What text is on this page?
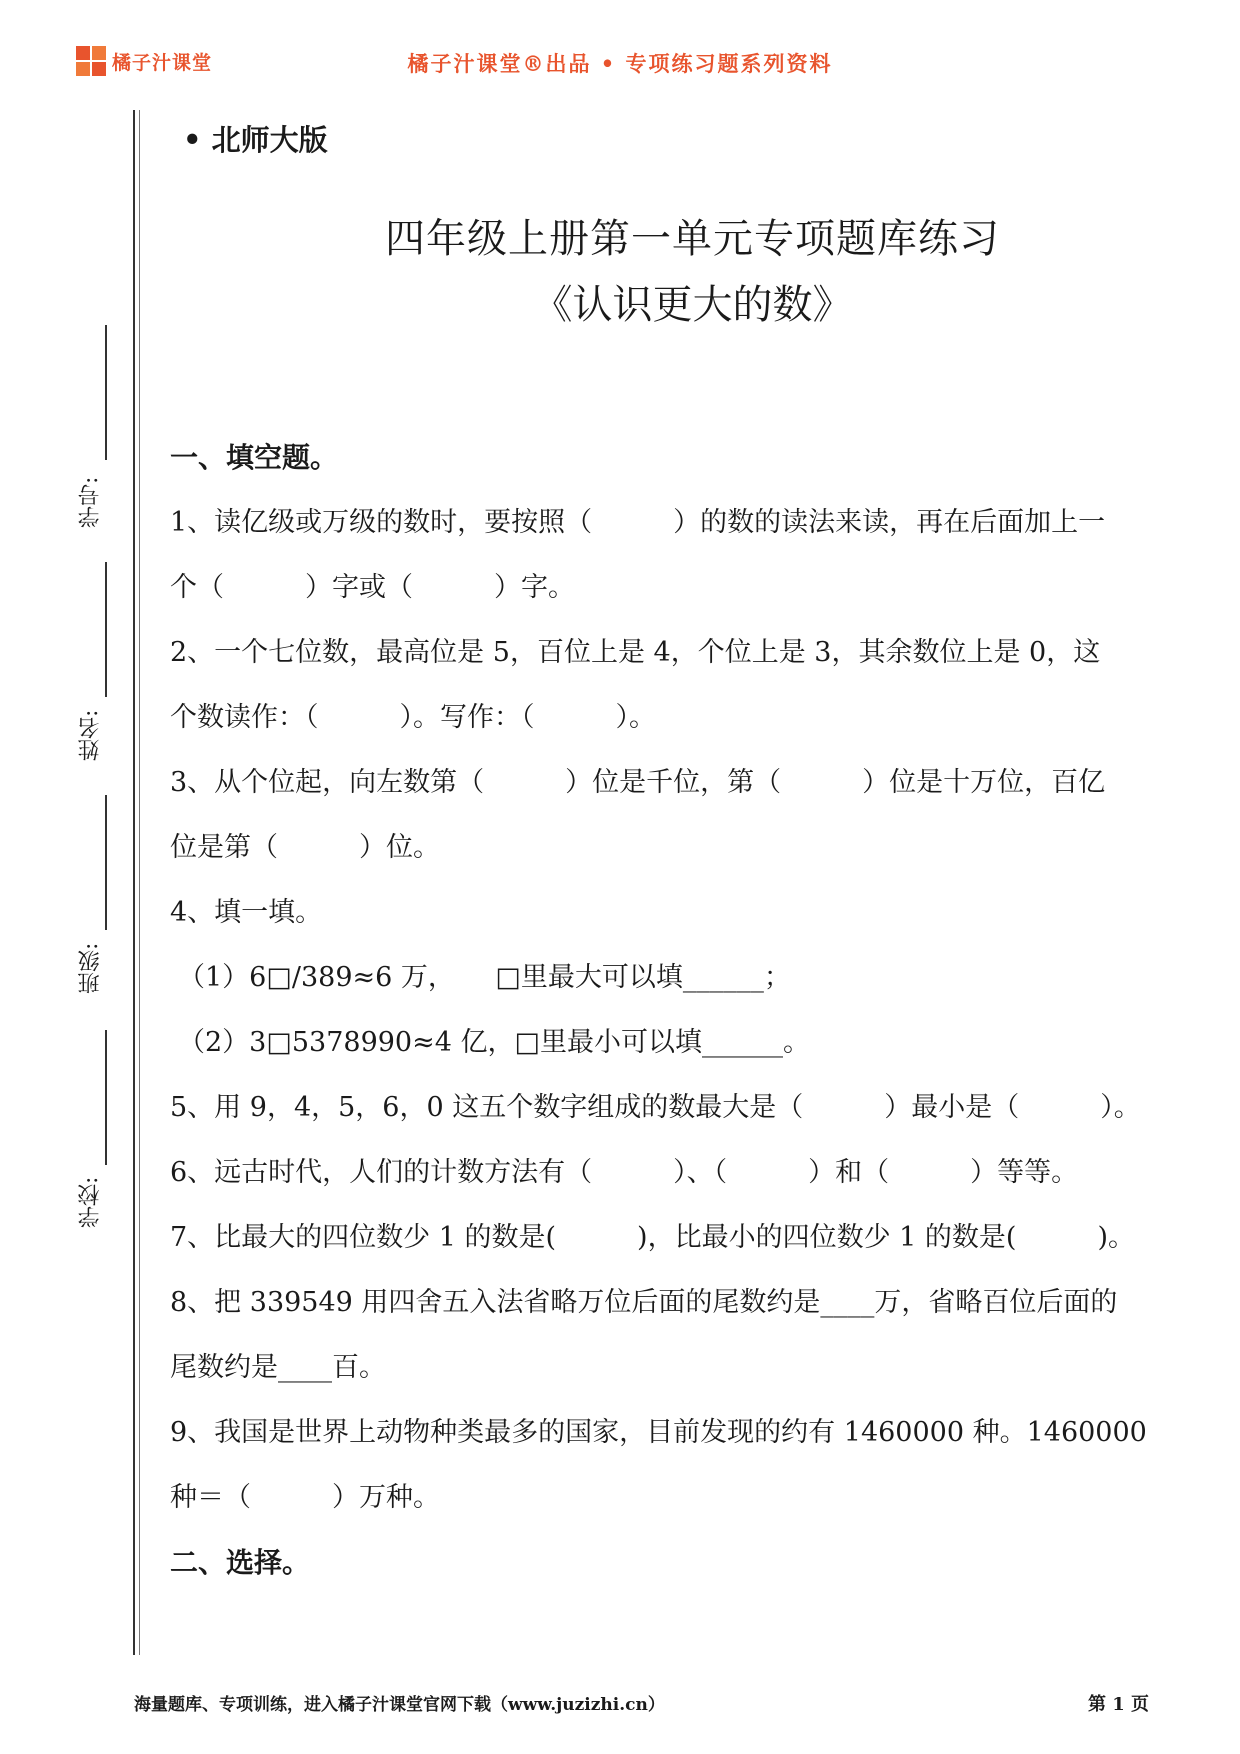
橘子汁课堂	橘子汁课堂®出品 • 专项练习题系列资料
学号:
姓名:
班级:
学校:
• 北师大版
四年级上册第一单元专项题库练习
《认识更大的数》
一、填空题。
1、读亿级或万级的数时，要按照（　　　）的数的读法来读，再在后面加上一
个（　　　）字或（　　　）字。
2、一个七位数，最高位是 5，百位上是 4，个位上是 3，其余数位上是 0，这
个数读作：（　　　）。写作：（　　　）。
3、从个位起，向左数第（　　　）位是千位，第（　　　）位是十万位，百亿
位是第（　　　）位。
4、填一填。
（1）6□/389≈6 万，　　□里最大可以填______；
（2）3□5378990≈4 亿，□里最小可以填______。
5、用 9，4，5，6，0 这五个数字组成的数最大是（　　　）最小是（　　　）。
6、远古时代，人们的计数方法有（　　　）、（　　　）和（　　　）等等。
7、比最大的四位数少 1 的数是(　　　)，比最小的四位数少 1 的数是(　　　)。
8、把 339549 用四舍五入法省略万位后面的尾数约是____万，省略百位后面的
尾数约是____百。
9、我国是世界上动物种类最多的国家，目前发现的约有 1460000 种。1460000
种＝（　　　）万种。
二、选择。
海量题库、专项训练，进入橘子汁课堂官网下载（www.juzizhi.cn）	第 1 页
